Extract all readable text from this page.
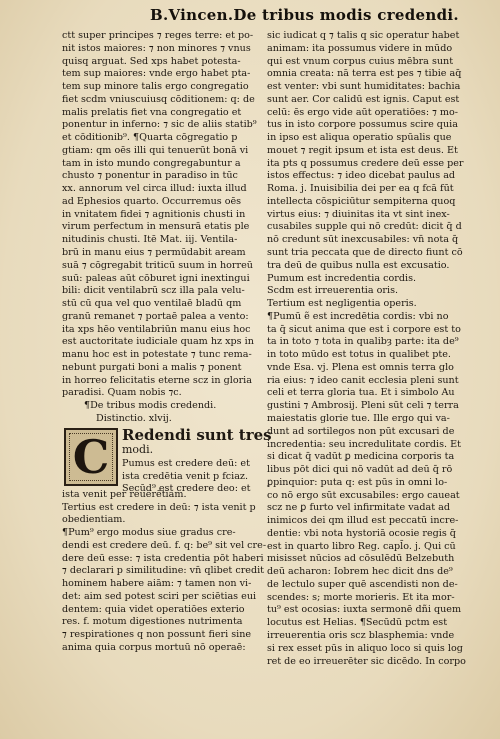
B.Vincen.De tribus modis credendi.
ctt super principes ⁊ reges terre: et po-
nit istos maiores: ⁊ non minores ⁊ vnus
quisq arguat. Sed xps habet potesta-
tem sup maiores: vnde ergo habet pta-
tem sup minore talis ergo congregatio
fiet scdm vniuscuiusq cōditionem: q: de
malis prelatis fiet vna congregatio et
ponentur in inferno: ⁊ sic de aliis statib⁹
et cōditionib⁹. ¶Quarta cōgregatio p
gtiam: qm oēs illi qui tenuerūt bonā vi
tam in isto mundo congregabuntur a
chusto ⁊ ponentur in paradiso in tūc
xx. annorum vel circa illud: iuxta illud
ad Ephesios quarto. Occurremus oēs
in vnitatem fidei ⁊ agnitionis chusti in
virum perfectum in mensurā etatis ple
nitudinis chusti. Itē Mat. iij. Ventila-
brū in manu eius ⁊ permūdabit aream
suā ⁊ cōgregabit triticū suum in horreū
suū: paleas aūt cōburet igni inextingui
bili: dicit ventilabrū scz illa pala velu-
stū cū qua vel quo ventilaē bladū qm
granū remanet ⁊ portaē palea a vento:
ita xps hēo ventilabriūn manu eius hoc
est auctoritate iudiciale quam hz xps in
manu hoc est in potestate ⁊ tunc rema-
nebunt purgati boni a malis ⁊ ponent
in horreo felicitatis eterne scz in gloria
paradisi. Quam nobis ⁊c.
¶De tribus modis credendi.
Distinctio. xlvij.
C Redendi sunt tres
modi.
Pumus est credere deū: et
ista credētia venit p fciaz.
Secūd⁹ est credere deo: et
ista venit per reuerētiam.
Tertius est credere in deū: ⁊ ista venit p
obedientiam.
¶Pum⁹ ergo modus siue gradus cre-
dendi est credere deū. f. q: be⁹ sit vel cre-
dere deū esse: ⁊ ista credentia pōt haberi
⁊ declarari p similitudine: vn̄ qlibet credit
hominem habere aiām: ⁊ tamen non vi-
det: aim sed potest sciri per sciētias eui
dentem: quia videt operatiōes exterio
res. f. motum digestiones nutrimenta
⁊ respirationes q non possunt fieri sine
anima quia corpus mortuū nō operaē:
sic iudicat q ⁊ talis q sic operatur habet
animam: ita possumus videre in mūdo
qui est vnum corpus cuius mēbra sunt
omnia creata: nā terra est pes ⁊ tibie aq̄
est venter: vbi sunt humiditates: bachia
sunt aer. Cor calidū est ignis. Caput est
celū: ēs ergo vide aūt operatiōes: ⁊ mo-
tus in isto corpore possumus scire quia
in ipso est aliqua operatio spūalis que
mouet ⁊ regit ipsum et ista est deus. Et
ita pts q possumus credere deū esse per
istos effectus: ⁊ ideo dicebat paulus ad
Roma. j. Inuisibilia dei per ea q fcā fūt
intellecta cōspiciūtur sempiterna quoq
virtus eius: ⁊ diuinitas ita vt sint inex-
cusabiles supple qui nō credūt: dicit q̄ d
nō credunt sūt inexcusabiles: vn̄ nota q̄
sunt tria peccata que de directo fiunt cō
tra deū de quibus nulla est excusatio.
Pumum est incredentia cordis.
Scdm est irreuerentia oris.
Tertium est negligentia operis.
¶Pumū ẽ est incredētia cordis: vbi no
ta q̄ sicut anima que est i corpore est to
ta in toto ⁊ tota in qualibȝ parte: ita de⁹
in toto mūdo est totus in qualibet pte.
vnde Esa. vj. Plena est omnis terra glo
ria eius: ⁊ ideo canit ecclesia pleni sunt
celi et terra gloria tua. Et i simbolo Au
gustini ⁊ Ambrosij. Pleni sūt celi ⁊ terra
maiestatis glorie tue. Ille ergo qui va-
dunt ad sortilegos non pūt excusari de
incredentia: seu incredulitate cordis. Et
si dicat q̄ vadūt ꝑ medicina corporis ta
libus pōt dici qui nō vadūt ad deū q̄ rō
ꝑpinquior: puta q: est pūs in omni lo-
co nō ergo sūt excusabiles: ergo caueat
scz ne ꝑ furto vel infirmitate vadat ad
inimicos dei qm illud est peccatū incre-
dentie: vbi nota hystoriā ocosie regis q̄
est in quarto libro Reg. capl̄o. j. Qui cū
misisset nūcios ad cōsulēdū Belzebuth
deū acharon: Iobrem hec dicit dns de⁹
de lectulo super quē ascendisti non de-
scendes: s; morte morieris. Et ita mor-
tu⁹ est ocosias: iuxta sermonē dñi quem
locutus est Helias. ¶Secūdū pctm est
irreuerentia oris scz blasphemia: vnde
si rex esset pūs in aliquo loco si quis log
ret de eo irreuerēter sic dicēdo. In corpo
